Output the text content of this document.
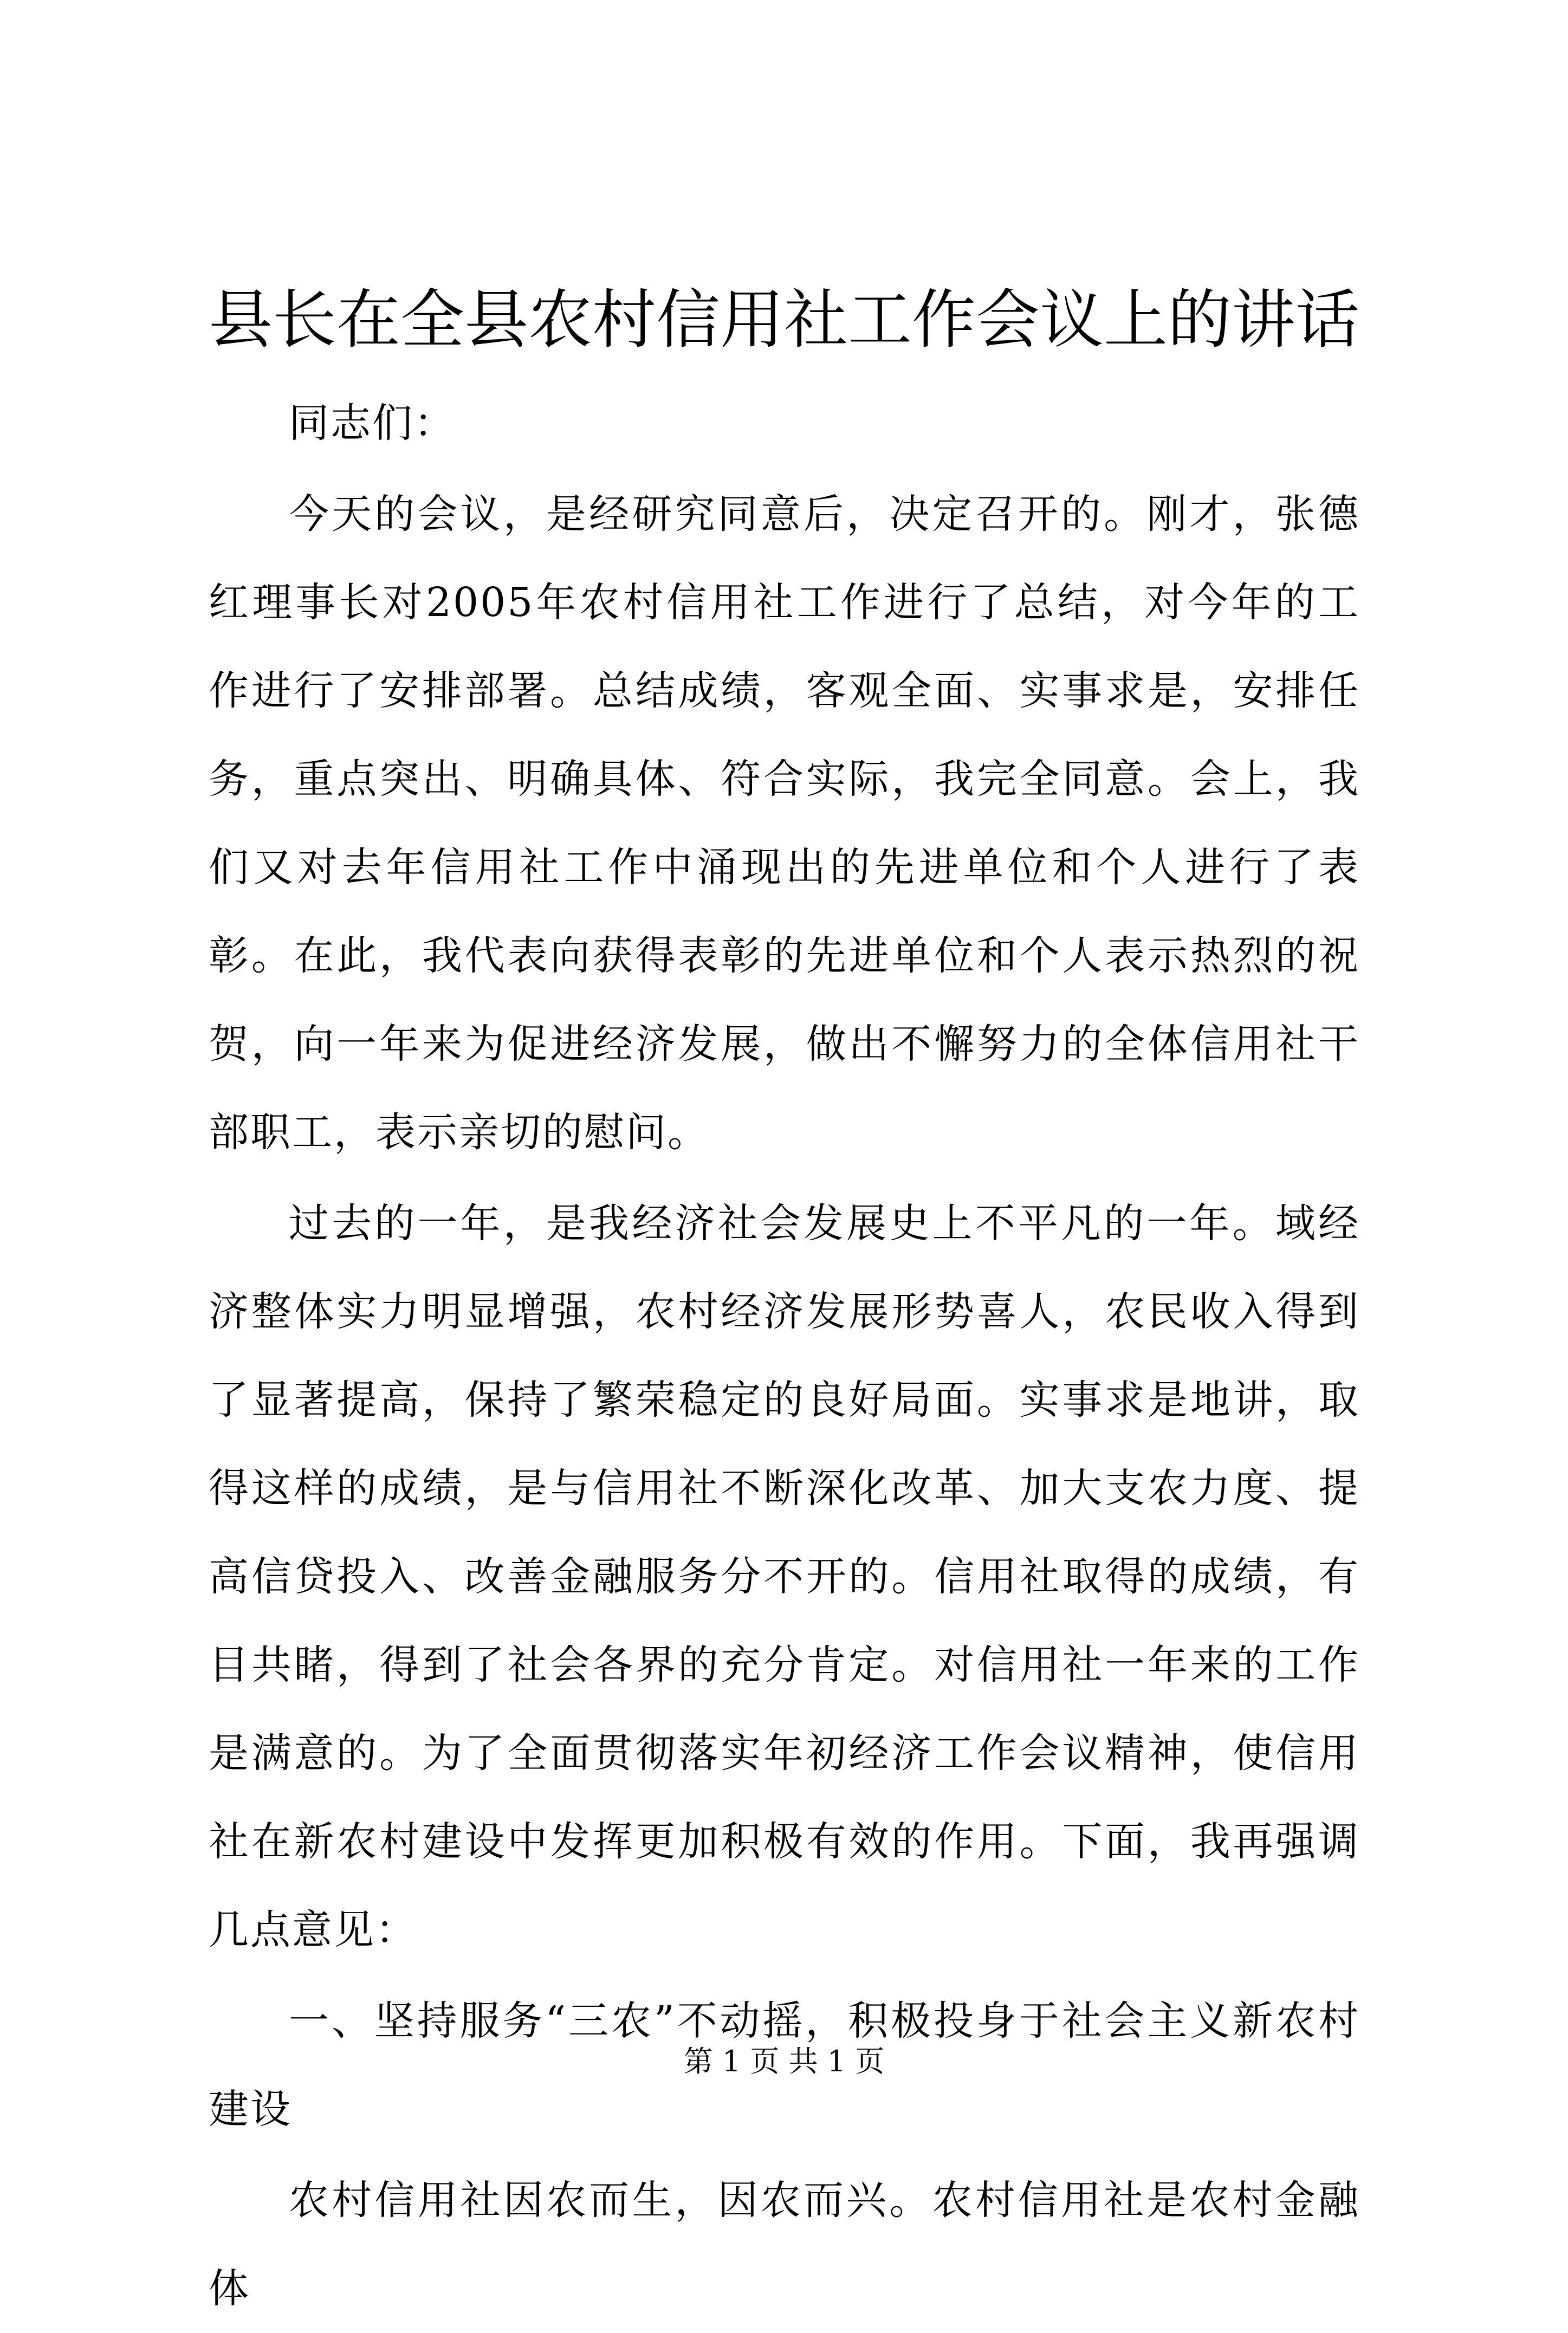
县长在全县农村信用社工作会议上的讲话

同志们：

今天的会议，是经研究同意后，决定召开的。刚才，张德红理事长对2005年农村信用社工作进行了总结，对今年的工作进行了安排部署。总结成绩，客观全面、实事求是，安排任务，重点突出、明确具体、符合实际，我完全同意。会上，我们又对去年信用社工作中涌现出的先进单位和个人进行了表彰。在此，我代表向获得表彰的先进单位和个人表示热烈的祝贺，向一年来为促进经济发展，做出不懈努力的全体信用社干部职工，表示亲切的慰问。

过去的一年，是我经济社会发展史上不平凡的一年。域经济整体实力明显增强，农村经济发展形势喜人，农民收入得到了显著提高，保持了繁荣稳定的良好局面。实事求是地讲，取得这样的成绩，是与信用社不断深化改革、加大支农力度、提高信贷投入、改善金融服务分不开的。信用社取得的成绩，有目共睹，得到了社会各界的充分肯定。对信用社一年来的工作是满意的。为了全面贯彻落实年初经济工作会议精神，使信用社在新农村建设中发挥更加积极有效的作用。下面，我再强调几点意见：

一、坚持服务“三农”不动摇，积极投身于社会主义新农村建设

农村信用社因农而生，因农而兴。农村信用社是农村金融体

第 1 页 共 1 页
